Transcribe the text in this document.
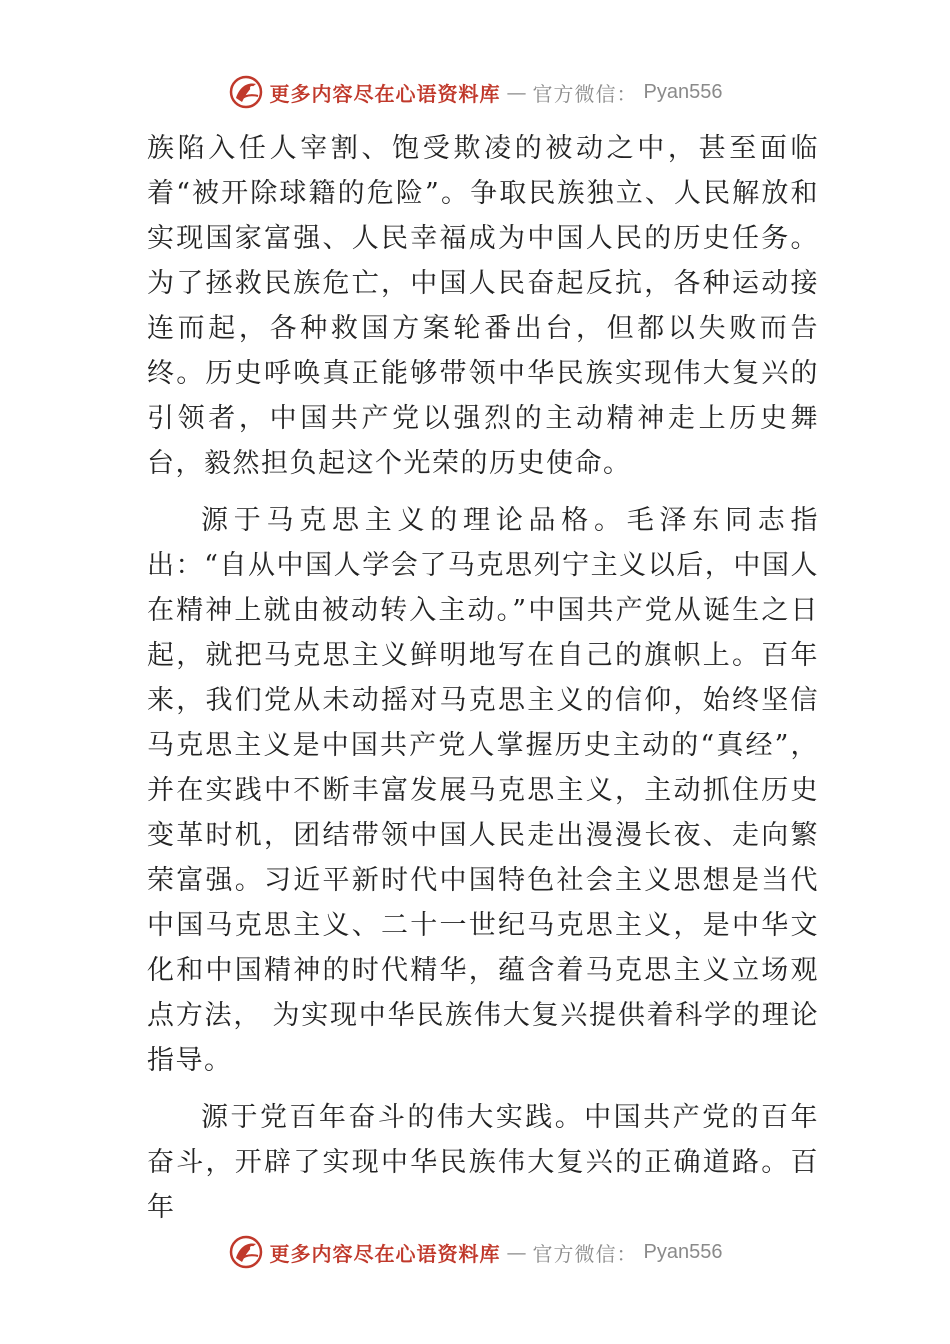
更多内容尽在心语资料库 — 官方微信： Pyan556

族陷入任人宰割、饱受欺凌的被动之中，甚至面临着“被开除球籍的危险”。争取民族独立、人民解放和实现国家富强、人民幸福成为中国人民的历史任务。为了拯救民族危亡，中国人民奋起反抗，各种运动接连而起，各种救国方案轮番出台，但都以失败而告终。历史呼唤真正能够带领中华民族实现伟大复兴的引领者，中国共产党以强烈的主动精神走上历史舞台，毅然担负起这个光荣的历史使命。

源于马克思主义的理论品格。毛泽东同志指出：“自从中国人学会了马克思列宁主义以后，中国人在精神上就由被动转入主动。”中国共产党从诞生之日起，就把马克思主义鲜明地写在自己的旗帜上。百年来，我们党从未动摇对马克思主义的信仰，始终坚信马克思主义是中国共产党人掌握历史主动的“真经”，并在实践中不断丰富发展马克思主义，主动抓住历史变革时机，团结带领中国人民走出漫漫长夜、走向繁荣富强。习近平新时代中国特色社会主义思想是当代中国马克思主义、二十一世纪马克思主义，是中华文化和中国精神的时代精华，蕴含着马克思主义立场观点方法， 为实现中华民族伟大复兴提供着科学的理论指导。

源于党百年奋斗的伟大实践。中国共产党的百年奋斗，开辟了实现中华民族伟大复兴的正确道路。百年

更多内容尽在心语资料库 — 官方微信： Pyan556
